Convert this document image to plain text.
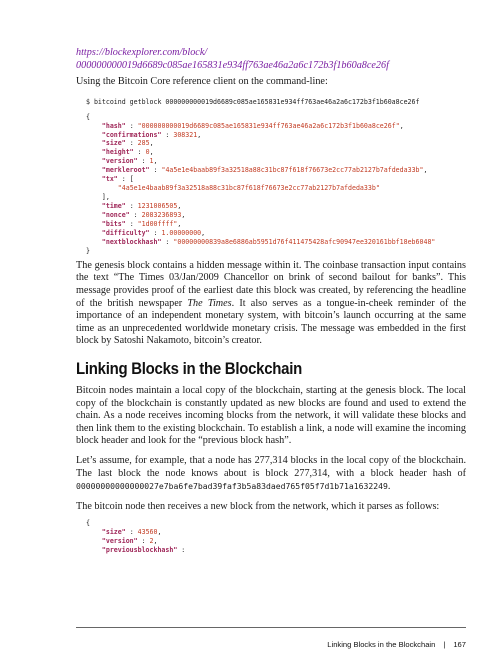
https://blockexplorer.com/block/
000000000019d6689c085ae165831e934ff763ae46a2a6c172b3f1b60a8ce26f

Using the Bitcoin Core reference client on the command-line:

$ bitcoind getblock 000000000019d6689c085ae165831e934ff763ae46a2a6c172b3f1b60a8ce26f
{
"hash" : "000000000019d6689c085ae165831e934ff763ae46a2a6c172b3f1b60a8ce26f",
"confirmations" : 308321,
"size" : 285,
"height" : 0,
"version" : 1,
"merkleroot" : "4a5e1e4baab89f3a32518a88c31bc87f618f76673e2cc77ab2127b7afdeda33b",
"tx" : [
"4a5e1e4baab89f3a32518a88c31bc87f618f76673e2cc77ab2127b7afdeda33b"
],
"time" : 1231006505,
"nonce" : 2083236893,
"bits" : "1d00ffff",
"difficulty" : 1.00000000,
"nextblockhash" : "00000000839a8e6886ab5951d76f411475428afc90947ee320161bbf18eb6048"
}

The genesis block contains a hidden message within it. The coinbase transaction input contains the text “The Times 03/Jan/2009 Chancellor on brink of second bailout for banks”. This message provides proof of the earliest date this block was created, by referencing the headline of the british newspaper The Times. It also serves as a tongue-in-cheek reminder of the importance of an independent monetary system, with bitcoin’s launch occurring at the same time as an unprecedented worldwide monetary crisis. The message was embedded in the first block by Satoshi Nakamoto, bitcoin’s creator.

Linking Blocks in the Blockchain

Bitcoin nodes maintain a local copy of the blockchain, starting at the genesis block. The local copy of the blockchain is constantly updated as new blocks are found and used to extend the chain. As a node receives incoming blocks from the network, it will validate these blocks and then link them to the existing blockchain. To establish a link, a node will examine the incoming block header and look for the “previous block hash”.

Let’s assume, for example, that a node has 277,314 blocks in the local copy of the blockchain. The last block the node knows about is block 277,314, with a block header hash of 00000000000000027e7ba6fe7bad39faf3b5a83daed765f05f7d1b71a1632249.

The bitcoin node then receives a new block from the network, which it parses as follows:

{
"size" : 43560,
"version" : 2,
"previousblockhash" :
Linking Blocks in the Blockchain | 167
